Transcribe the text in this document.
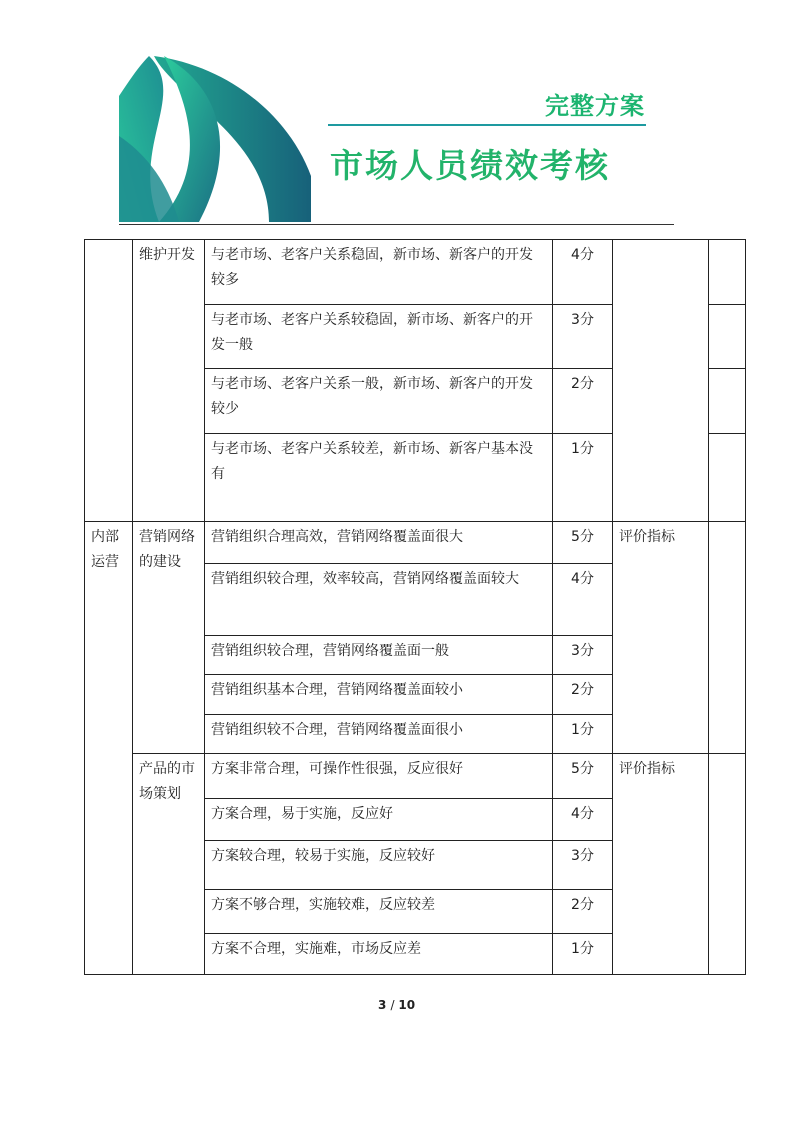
完整方案
市场人员绩效考核
	维护开发	与老市场、老客户关系稳固，新市场、新客户的开发较多	4分		
		与老市场、老客户关系较稳固，新市场、新客户的开发一般	3分		
		与老市场、老客户关系一般，新市场、新客户的开发较少	2分		
		与老市场、老客户关系较差，新市场、新客户基本没有	1分		
内部运营	营销网络的建设	营销组织合理高效，营销网络覆盖面很大	5分	评价指标	
		营销组织较合理，效率较高，营销网络覆盖面较大	4分		
		营销组织较合理，营销网络覆盖面一般	3分		
		营销组织基本合理，营销网络覆盖面较小	2分		
		营销组织较不合理，营销网络覆盖面很小	1分		
	产品的市场策划	方案非常合理，可操作性很强，反应很好	5分	评价指标	
		方案合理，易于实施，反应好	4分		
		方案较合理，较易于实施，反应较好	3分		
		方案不够合理，实施较难，反应较差	2分		
		方案不合理，实施难，市场反应差	1分		
3 / 10
